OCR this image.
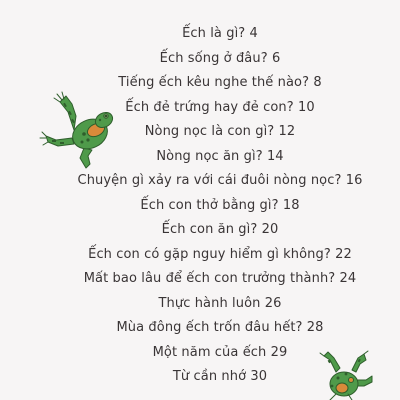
Ếch là gì? 4
Ếch sống ở đâu? 6
Tiếng ếch kêu nghe thế nào? 8
Ếch đẻ trứng hay đẻ con? 10
Nòng nọc là con gì? 12
Nòng nọc ăn gì? 14
Chuyện gì xảy ra với cái đuôi nòng nọc? 16
Ếch con thở bằng gì? 18
Ếch con ăn gì? 20
Ếch con có gặp nguy hiểm gì không? 22
Mất bao lâu để ếch con trưởng thành? 24
Thực hành luôn 26
Mùa đông ếch trốn đâu hết? 28
Một năm của ếch 29
Từ cần nhớ 30
